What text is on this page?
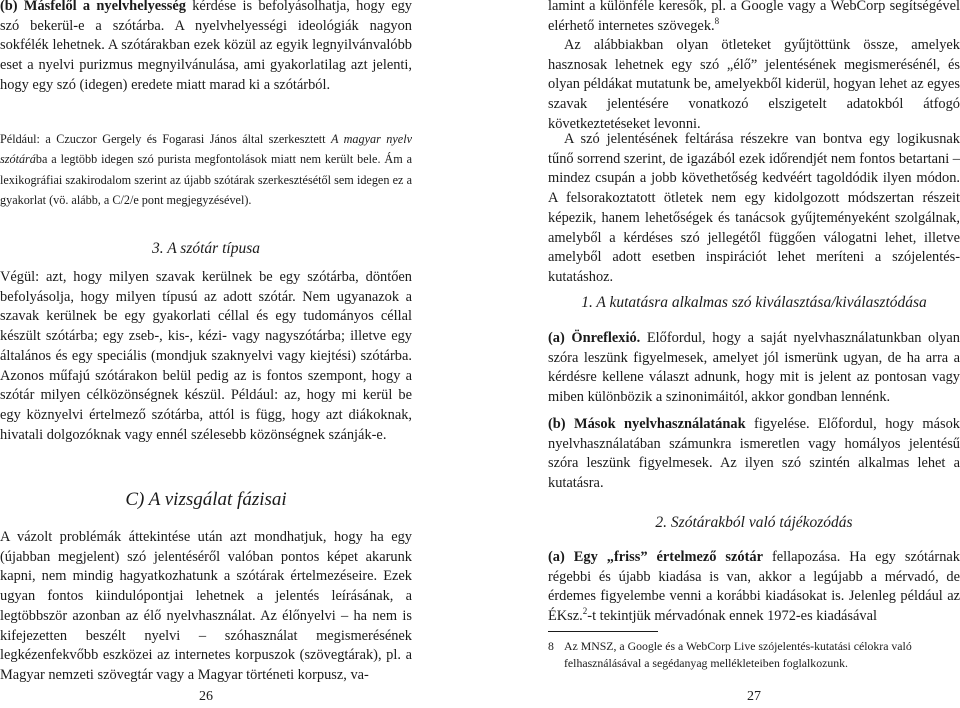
(b) Másfelől a nyelvhelyesség kérdése is befolyásolhatja, hogy egy szó bekerül-e a szótárba. A nyelvhelyességi ideológiák nagyon sokfélék lehetnek. A szótárakban ezek közül az egyik legnyilvánvalóbb eset a nyelvi purizmus megnyilvánulása, ami gyakorlatilag azt jelenti, hogy egy szó (idegen) eredete miatt marad ki a szótárból.

Például: a Czuczor Gergely és Fogarasi János által szerkesztett A magyar nyelv szótárába a legtöbb idegen szó purista megfontolások miatt nem került bele. Ám a lexikográfiai szakirodalom szerint az újabb szótárak szerkesztésétől sem idegen ez a gyakorlat (vö. alább, a C/2/e pont megjegyzésével).

3. A szótár típusa

Végül: azt, hogy milyen szavak kerülnek be egy szótárba, döntően befolyásolja, hogy milyen típusú az adott szótár. Nem ugyanazok a szavak kerülnek be egy gyakorlati céllal és egy tudományos céllal készült szótárba; egy zseb-, kis-, kézi- vagy nagyszótárba; illetve egy általános és egy speciális (mondjuk szaknyelvi vagy kiejtési) szótárba. Azonos műfajú szótárakon belül pedig az is fontos szempont, hogy a szótár milyen célközönségnek készül. Például: az, hogy mi kerül be egy köznyelvi értelmező szótárba, attól is függ, hogy azt diákoknak, hivatali dolgozóknak vagy ennél szélesebb közönségnek szánják-e.

C) A vizsgálat fázisai

A vázolt problémák áttekintése után azt mondhatjuk, hogy ha egy (újabban megjelent) szó jelentéséről valóban pontos képet akarunk kapni, nem mindig hagyatkozhatunk a szótárak értelmezéseire. Ezek ugyan fontos kiindulópontjai lehetnek a jelentés leírásának, a legtöbbször azonban az élő nyelvhasználat. Az élőnyelvi – ha nem is kifejezetten beszélt nyelvi – szóhasználat megismerésének legkézenfekvőbb eszközei az internetes korpuszok (szövegtárak), pl. a Magyar nemzeti szövegtár vagy a Magyar történeti korpusz, va-

26

lamint a különféle keresők, pl. a Google vagy a WebCorp segítségével elérhető internetes szövegek.$^8$

Az alábbiakban olyan ötleteket gyűjtöttünk össze, amelyek hasznosak lehetnek egy szó „élő” jelentésének megismerésénél, és olyan példákat mutatunk be, amelyekből kiderül, hogyan lehet az egyes szavak jelentésére vonatkozó elszigetelt adatokból átfogó következtetéseket levonni.

A szó jelentésének feltárása részekre van bontva egy logikusnak tűnő sorrend szerint, de igazából ezek időrendjét nem fontos betartani – mindez csupán a jobb követhetőség kedvéért tagoldódik ilyen módon. A felsorakoztatott ötletek nem egy kidolgozott módszertan részeit képezik, hanem lehetőségek és tanácsok gyűjteményeként szolgálnak, amelyből a kérdéses szó jellegétől függően válogatni lehet, illetve amelyből adott esetben inspirációt lehet meríteni a szójelentés-kutatáshoz.

1. A kutatásra alkalmas szó kiválasztása/kiválasztódása

(a) Önreflexió. Előfordul, hogy a saját nyelvhasználatunkban olyan szóra leszünk figyelmesek, amelyet jól ismerünk ugyan, de ha arra a kérdésre kellene választ adnunk, hogy mit is jelent az pontosan vagy miben különbözik a szinonimáitól, akkor gondban lennénk.

(b) Mások nyelvhasználatának figyelése. Előfordul, hogy mások nyelvhasználatában számunkra ismeretlen vagy homályos jelentésű szóra leszünk figyelmesek. Az ilyen szó szintén alkalmas lehet a kutatásra.

2. Szótárakból való tájékozódás

(a) Egy „friss” értelmező szótár fellapozása. Ha egy szótárnak régebbi és újabb kiadása is van, akkor a legújabb a mérvadó, de érdemes figyelembe venni a korábbi kiadásokat is. Jelenleg például az ÉKsz.$^2$-t tekintjük mérvadónak ennek 1972-es kiadásával

8 Az MNSZ, a Google és a WebCorp Live szójelentés-kutatási célokra való felhasználásával a segédanyag mellékleteiben foglalkozunk.
27
